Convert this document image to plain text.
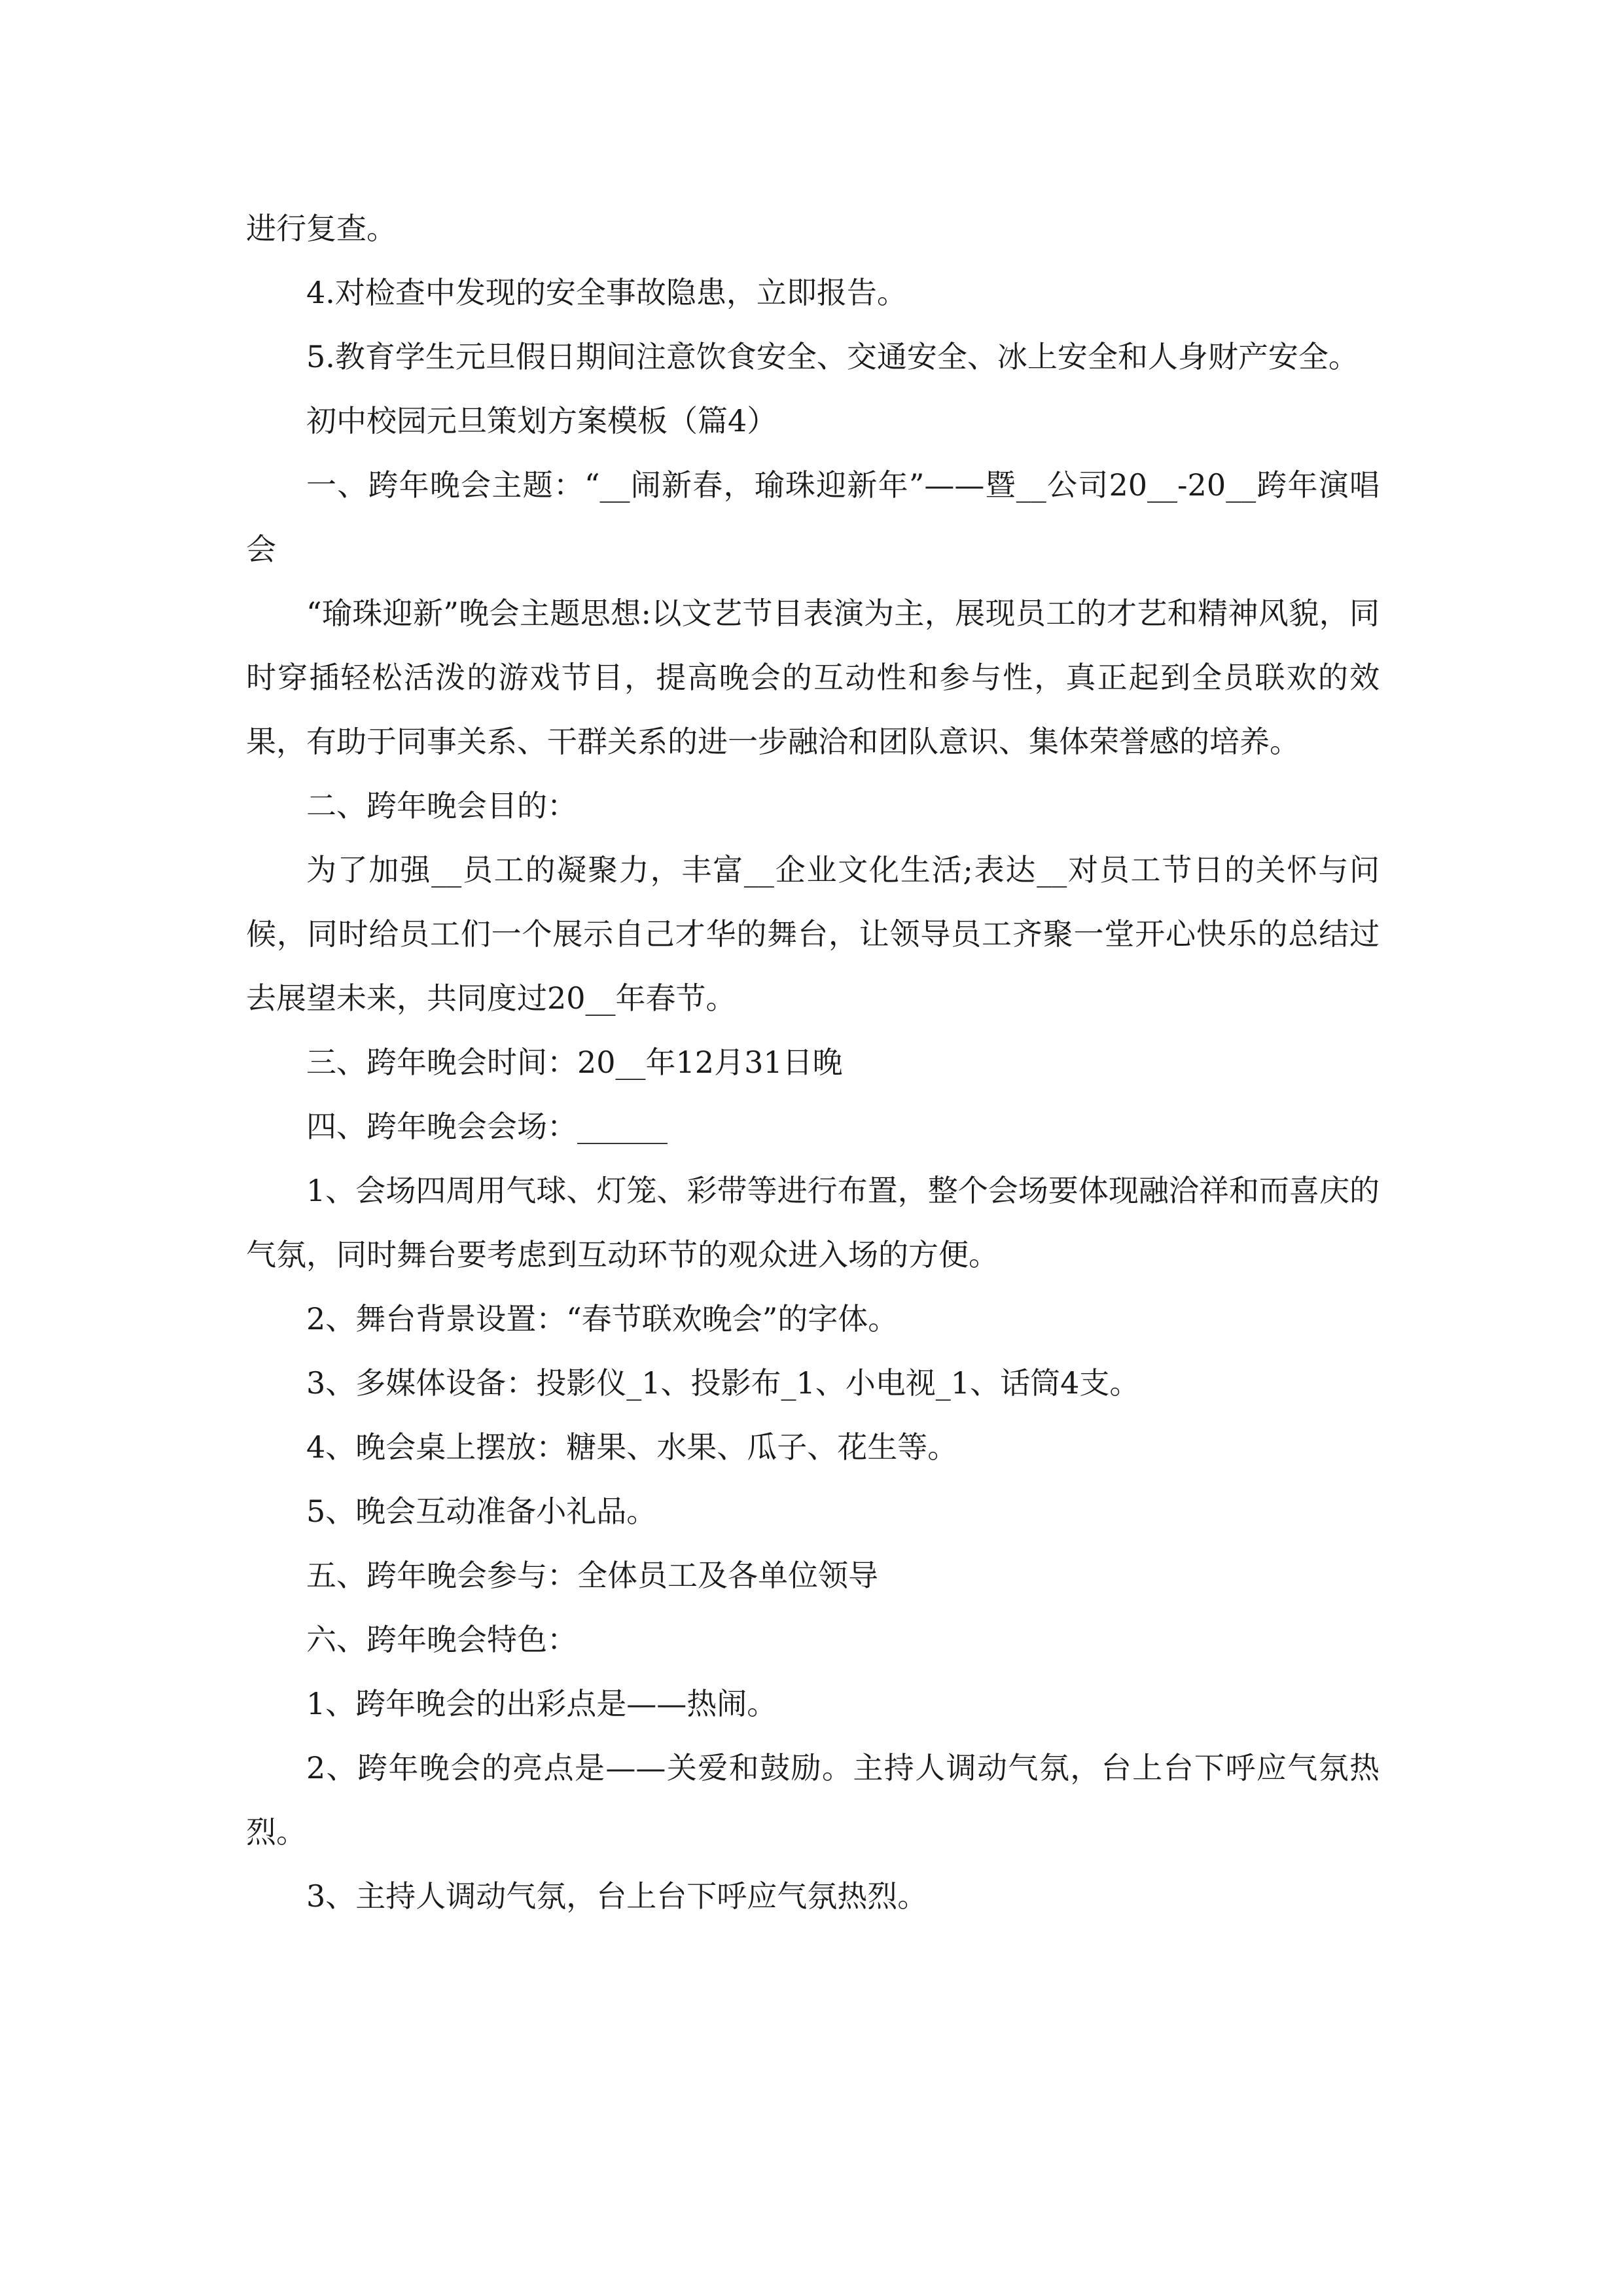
进行复查。

4.对检查中发现的安全事故隐患，立即报告。

5.教育学生元旦假日期间注意饮食安全、交通安全、冰上安全和人身财产安全。

初中校园元旦策划方案模板（篇4）

一、跨年晚会主题：“__闹新春，瑜珠迎新年”——暨__公司20__-20__跨年演唱会

“瑜珠迎新”晚会主题思想:以文艺节目表演为主，展现员工的才艺和精神风貌，同时穿插轻松活泼的游戏节目，提高晚会的互动性和参与性，真正起到全员联欢的效果，有助于同事关系、干群关系的进一步融洽和团队意识、集体荣誉感的培养。

二、跨年晚会目的：

为了加强__员工的凝聚力，丰富__企业文化生活;表达__对员工节日的关怀与问候，同时给员工们一个展示自己才华的舞台，让领导员工齐聚一堂开心快乐的总结过去展望未来，共同度过20__年春节。

三、跨年晚会时间：20__年12月31日晚

四、跨年晚会会场：______

1、会场四周用气球、灯笼、彩带等进行布置，整个会场要体现融洽祥和而喜庆的气氛，同时舞台要考虑到互动环节的观众进入场的方便。

2、舞台背景设置：“春节联欢晚会”的字体。

3、多媒体设备：投影仪_1、投影布_1、小电视_1、话筒4支。

4、晚会桌上摆放：糖果、水果、瓜子、花生等。

5、晚会互动准备小礼品。

五、跨年晚会参与：全体员工及各单位领导

六、跨年晚会特色：

1、跨年晚会的出彩点是——热闹。

2、跨年晚会的亮点是——关爱和鼓励。主持人调动气氛，台上台下呼应气氛热烈。

3、主持人调动气氛，台上台下呼应气氛热烈。
